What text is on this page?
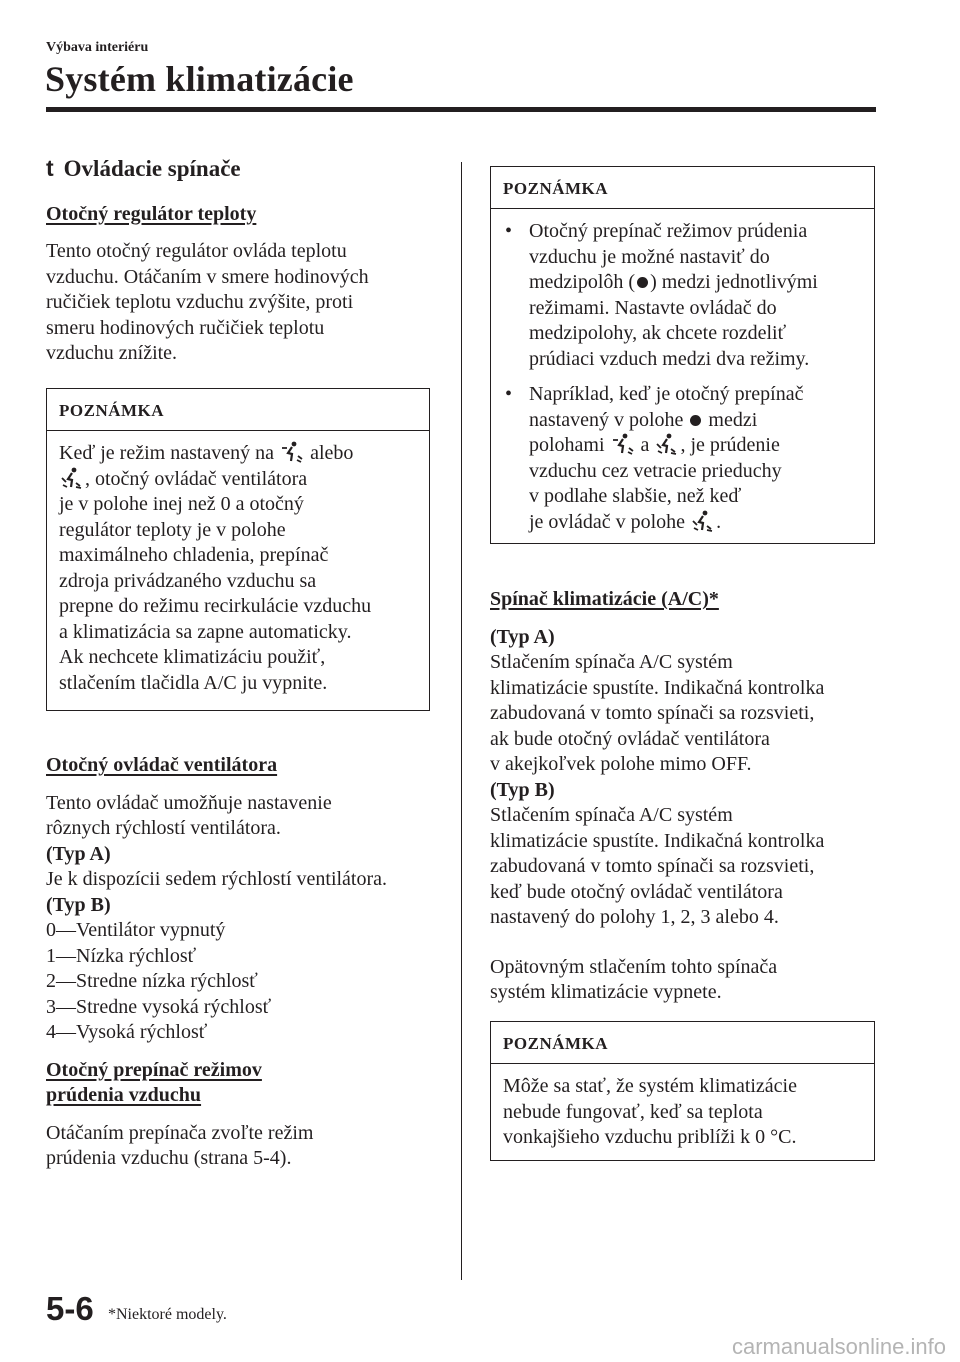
Výbava interiéru
Systém klimatizácie

t Ovládacie spínače

Otočný regulátor teploty

Tento otočný regulátor ovláda teplotu

vzduchu. Otáčaním v smere hodinových

ručičiek teplotu vzduchu zvýšite, proti

smeru hodinových ručičiek teplotu

vzduchu znížite.

POZNÁMKA

Keď je režim nastavený na alebo

, otočný ovládač ventilátora

je v polohe inej než 0 a otočný

regulátor teploty je v polohe

maximálneho chladenia, prepínač

zdroja privádzaného vzduchu sa

prepne do režimu recirkulácie vzduchu

a klimatizácia sa zapne automaticky.

Ak nechcete klimatizáciu použiť,

stlačením tlačidla A/C ju vypnite.

Otočný ovládač ventilátora

Tento ovládač umožňuje nastavenie

rôznych rýchlostí ventilátora.

(Typ A)

Je k dispozícii sedem rýchlostí ventilátora.

(Typ B)

0—Ventilátor vypnutý

1—Nízka rýchlosť

2—Stredne nízka rýchlosť

3—Stredne vysoká rýchlosť

4—Vysoká rýchlosť

Otočný prepínač režimov

prúdenia vzduchu

Otáčaním prepínača zvoľte režim

prúdenia vzduchu (strana 5-4).

POZNÁMKA
• Otočný prepínač režimov prúdenia
vzduchu je možné nastaviť do
medzipolôh ( ) medzi jednotlivými
režimami. Nastavte ovládač do
medzipolohy, ak chcete rozdeliť
prúdiaci vzduch medzi dva režimy.
• Napríklad, keď je otočný prepínač
nastavený v polohe medzi
polohami a , je prúdenie
vzduchu cez vetracie prieduchy
v podlahe slabšie, než keď
je ovládač v polohe .

Spínač klimatizácie (A/C)*

(Typ A)

Stlačením spínača A/C systém

klimatizácie spustíte. Indikačná kontrolka

zabudovaná v tomto spínači sa rozsvieti,

ak bude otočný ovládač ventilátora

v akejkoľvek polohe mimo OFF.

(Typ B)

Stlačením spínača A/C systém

klimatizácie spustíte. Indikačná kontrolka

zabudovaná v tomto spínači sa rozsvieti,

keď bude otočný ovládač ventilátora

nastavený do polohy 1, 2, 3 alebo 4.

Opätovným stlačením tohto spínača

systém klimatizácie vypnete.

POZNÁMKA

Môže sa stať, že systém klimatizácie

nebude fungovať, keď sa teplota

vonkajšieho vzduchu priblíži k 0 °C.

5-6 *Niektoré modely.
carmanualsonline.info
